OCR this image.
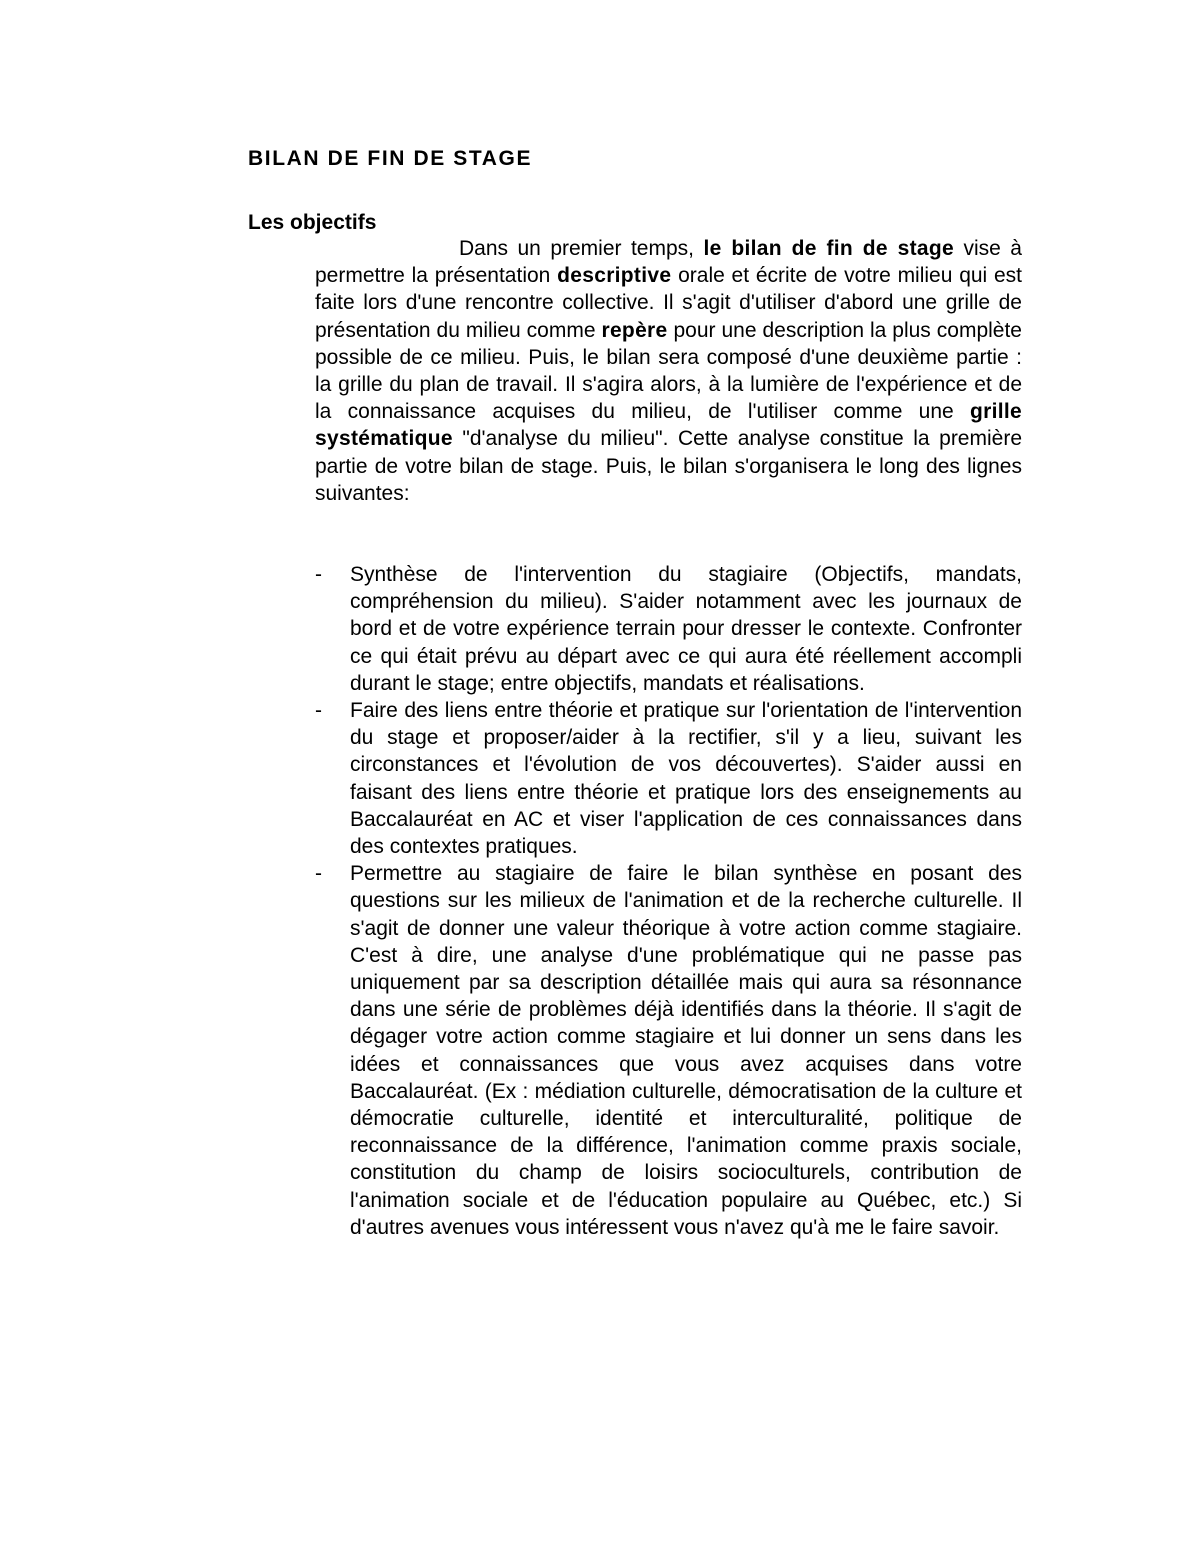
BILAN DE FIN DE STAGE
Les objectifs

Dans un premier temps, le bilan de fin de stage vise à permettre la présentation descriptive orale et écrite de votre milieu qui est faite lors d'une rencontre collective. Il s'agit d'utiliser d'abord une grille de présentation du milieu comme repère pour une description la plus complète possible de ce milieu. Puis, le bilan sera composé d'une deuxième partie : la grille du plan de travail. Il s'agira alors, à la lumière de l'expérience et de la connaissance acquises du milieu, de l'utiliser comme une grille systématique "d'analyse du milieu". Cette analyse constitue la première partie de votre bilan de stage. Puis, le bilan s'organisera le long des lignes suivantes:

-	Synthèse de l'intervention du stagiaire (Objectifs, mandats, compréhension du milieu). S'aider notamment avec les journaux de bord et de votre expérience terrain pour dresser le contexte. Confronter ce qui était prévu au départ avec ce qui aura été réellement accompli durant le stage; entre objectifs, mandats et réalisations.
-	Faire des liens entre théorie et pratique sur l'orientation de l'intervention du stage et proposer/aider à la rectifier, s'il y a lieu, suivant les circonstances et l'évolution de vos découvertes). S'aider aussi en faisant des liens entre théorie et pratique lors des enseignements au Baccalauréat en AC et viser l'application de ces connaissances dans des contextes pratiques.
-	Permettre au stagiaire de faire le bilan synthèse en posant des questions sur les milieux de l'animation et de la recherche culturelle. Il s'agit de donner une valeur théorique à votre action comme stagiaire. C'est à dire, une analyse d'une problématique qui ne passe pas uniquement par sa description détaillée mais qui aura sa résonnance dans une série de problèmes déjà identifiés dans la théorie. Il s'agit de dégager votre action comme stagiaire et lui donner un sens dans les idées et connaissances que vous avez acquises dans votre Baccalauréat. (Ex : médiation culturelle, démocratisation de la culture et démocratie culturelle, identité et interculturalité, politique de reconnaissance de la différence, l'animation comme praxis sociale, constitution du champ de loisirs socioculturels, contribution de l'animation sociale et de l'éducation populaire au Québec, etc.) Si d'autres avenues vous intéressent vous n'avez qu'à me le faire savoir.
